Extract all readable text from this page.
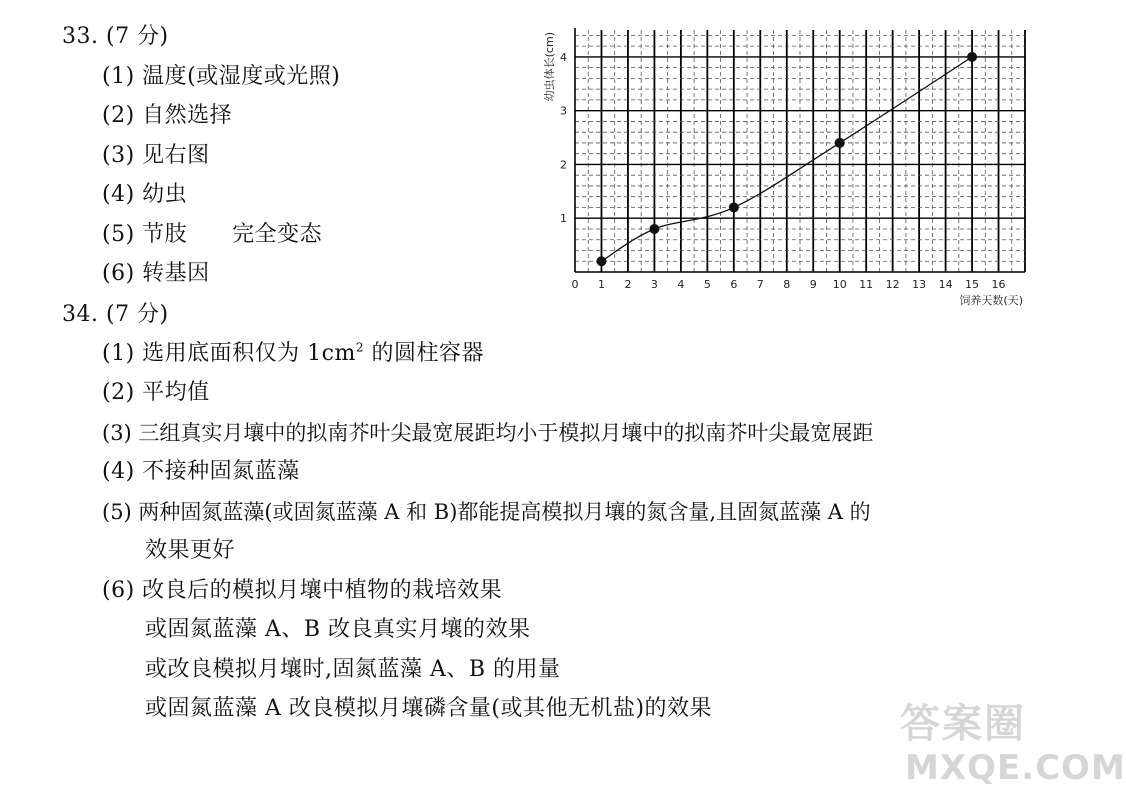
33. (7 分)
(1) 温度(或湿度或光照)
(2) 自然选择
(3) 见右图
(4) 幼虫
(5) 节肢　　完全变态
(6) 转基因
34. (7 分)
(1) 选用底面积仅为 $1cm^2$ 的圆柱容器
(2) 平均值
(3) 三组真实月壤中的拟南芥叶尖最宽展距均小于模拟月壤中的拟南芥叶尖最宽展距
(4) 不接种固氮蓝藻
(5) 两种固氮蓝藻(或固氮蓝藻 A 和 B)都能提高模拟月壤的氮含量,且固氮蓝藻 A 的
效果更好
(6) 改良后的模拟月壤中植物的栽培效果
或固氮蓝藻 A、B 改良真实月壤的效果
或改良模拟月壤时,固氮蓝藻 A、B 的用量
或固氮蓝藻 A 改良模拟月壤磷含量(或其他无机盐)的效果
0 1 2 3 4 5 6 7 8 9 10 11 12 13 14 15 16
1
2
3
4
饲养天数(天)
幼虫体长(cm)
答案圈
MXQE.COM
